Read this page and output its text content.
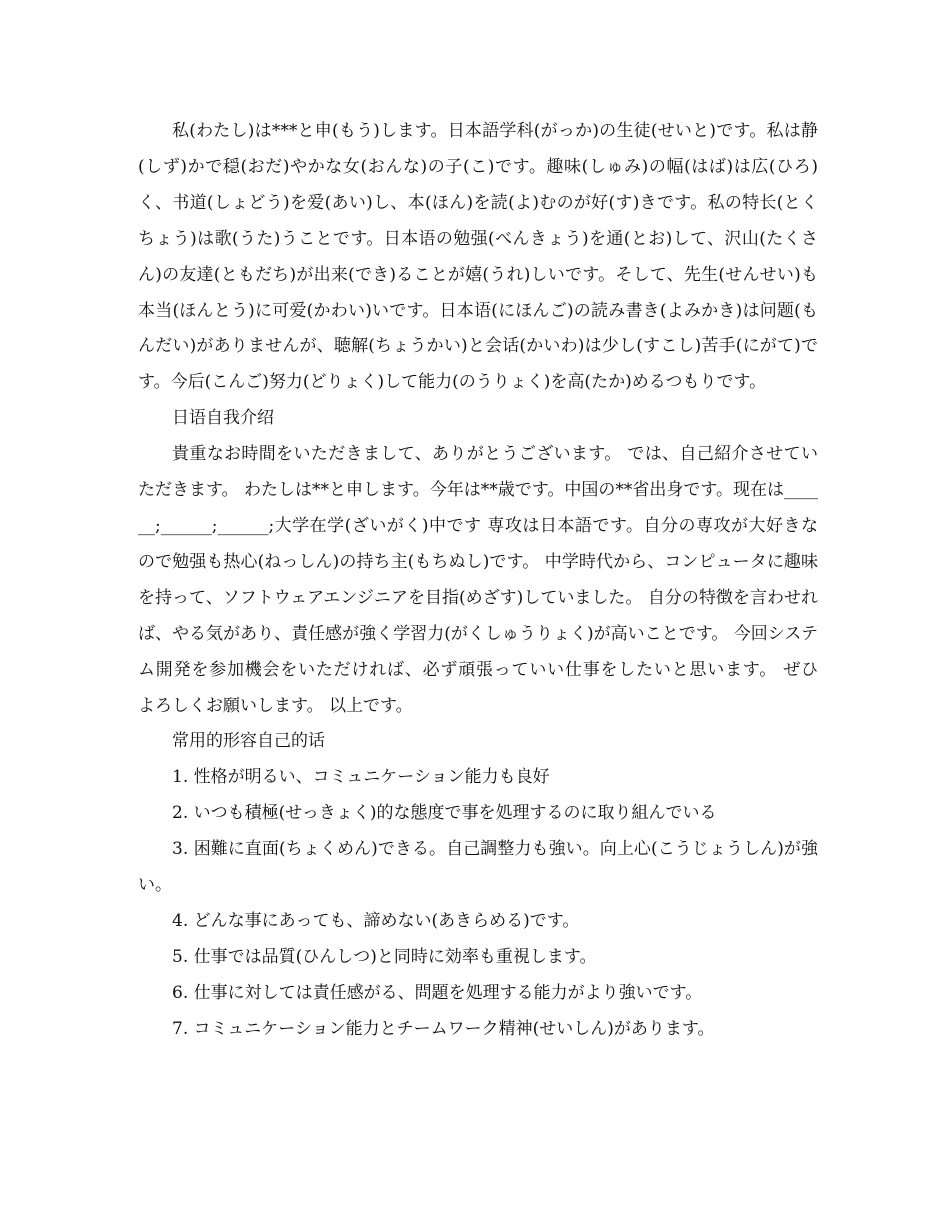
私(わたし)は***と申(もう)します。日本語学科(がっか)の生徒(せいと)です。私は静(しず)かで穏(おだ)やかな女(おんな)の子(こ)です。趣味(しゅみ)の幅(はば)は広(ひろ)く、书道(しょどう)を爱(あい)し、本(ほん)を読(よ)むのが好(す)きです。私の特长(とくちょう)は歌(うた)うことです。日本语の勉强(べんきょう)を通(とお)して、沢山(たくさん)の友達(ともだち)が出来(でき)ることが嬉(うれ)しいです。そして、先生(せんせい)も本当(ほんとう)に可爱(かわい)いです。日本语(にほんご)の読み書き(よみかき)は问题(もんだい)がありませんが、聴解(ちょうかい)と会话(かいわ)は少し(すこし)苦手(にがて)です。今后(こんご)努力(どりょく)して能力(のうりょく)を高(たか)めるつもりです。

日语自我介绍

貴重なお時間をいただきまして、ありがとうございます。 では、自己紹介させていただきます。 わたしは**と申します。今年は**歳です。中国の**省出身です。现在は______;______;______;大学在学(ざいがく)中です 専攻は日本語です。自分の専攻が大好きなので勉强も热心(ねっしん)の持ち主(もちぬし)です。 中学時代から、コンピュータに趣味を持って、ソフトウェアエンジニアを目指(めざす)していました。 自分の特徴を言わせれば、やる気があり、責任感が強く学習力(がくしゅうりょく)が高いことです。 今回システム開発を参加機会をいただければ、必ず頑張っていい仕事をしたいと思います。 ぜひ　よろしくお願いします。 以上です。

常用的形容自己的话

1. 性格が明るい、コミュニケーション能力も良好

2. いつも積極(せっきょく)的な態度で事を処理するのに取り組んでいる

3. 困難に直面(ちょくめん)できる。自己調整力も強い。向上心(こうじょうしん)が強い。

4. どんな事にあっても、諦めない(あきらめる)です。

5. 仕事では品質(ひんしつ)と同時に効率も重視します。

6. 仕事に対しては責任感がる、問題を処理する能力がより強いです。

7. コミュニケーション能力とチームワーク精神(せいしん)があります。
